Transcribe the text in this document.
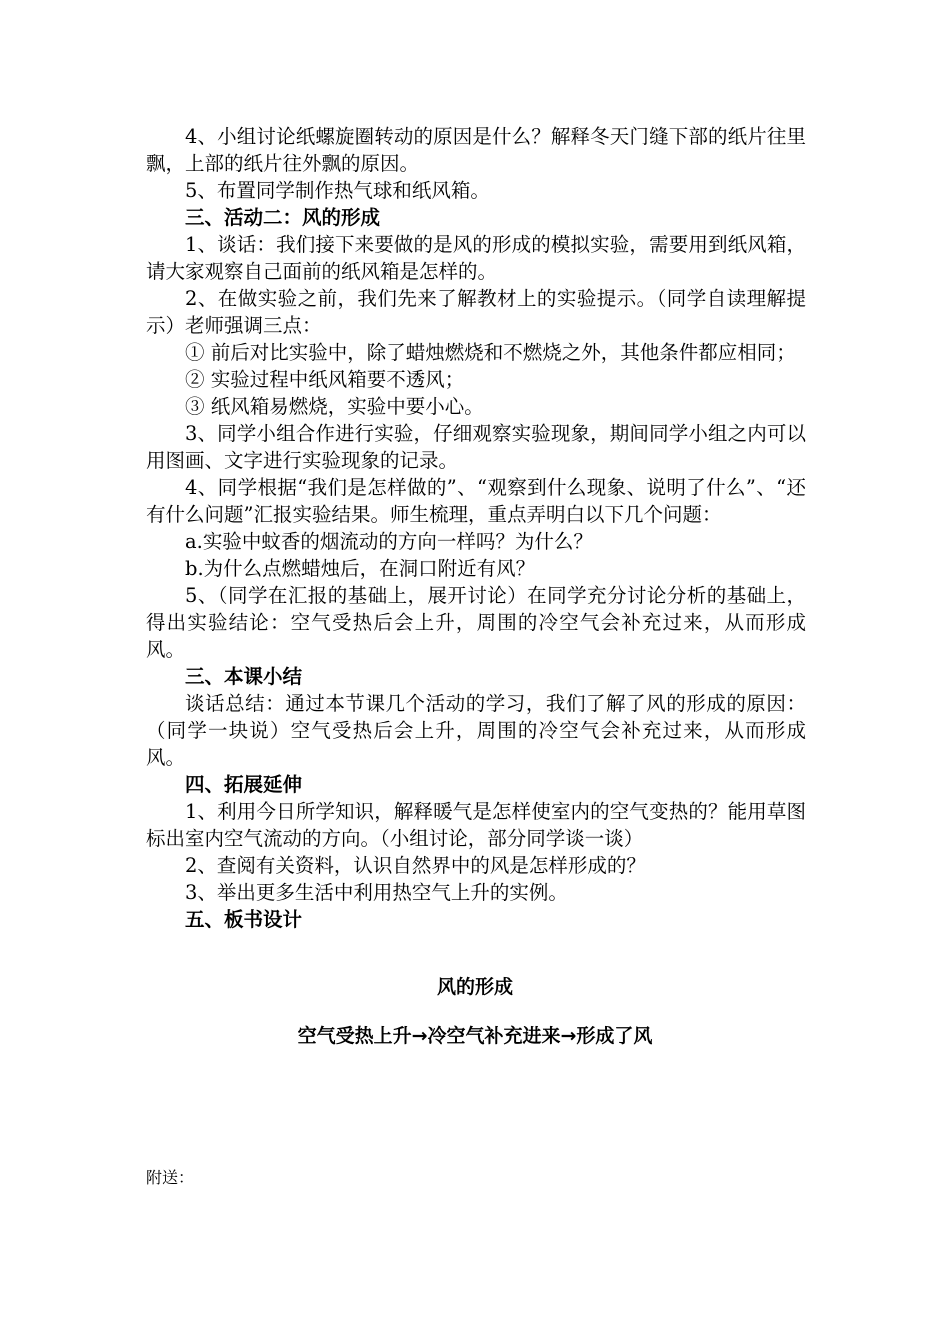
4、小组讨论纸螺旋圈转动的原因是什么？解释冬天门缝下部的纸片往里飘，上部的纸片往外飘的原因。

5、布置同学制作热气球和纸风箱。

三、活动二：风的形成

1、谈话：我们接下来要做的是风的形成的模拟实验，需要用到纸风箱，请大家观察自己面前的纸风箱是怎样的。

2、在做实验之前，我们先来了解教材上的实验提示。（同学自读理解提示）老师强调三点：

① 前后对比实验中，除了蜡烛燃烧和不燃烧之外，其他条件都应相同；

② 实验过程中纸风箱要不透风；

③ 纸风箱易燃烧，实验中要小心。

3、同学小组合作进行实验，仔细观察实验现象，期间同学小组之内可以用图画、文字进行实验现象的记录。

4、同学根据“我们是怎样做的”、“观察到什么现象、说明了什么”、“还有什么问题”汇报实验结果。师生梳理，重点弄明白以下几个问题：

a.实验中蚊香的烟流动的方向一样吗？为什么？

b.为什么点燃蜡烛后，在洞口附近有风？

5、（同学在汇报的基础上，展开讨论）在同学充分讨论分析的基础上，得出实验结论：空气受热后会上升，周围的冷空气会补充过来，从而形成风。

三、本课小结

谈话总结：通过本节课几个活动的学习，我们了解了风的形成的原因：（同学一块说）空气受热后会上升，周围的冷空气会补充过来，从而形成风。

四、拓展延伸

1、利用今日所学知识，解释暖气是怎样使室内的空气变热的？能用草图标出室内空气流动的方向。（小组讨论，部分同学谈一谈）

2、查阅有关资料，认识自然界中的风是怎样形成的？

3、举出更多生活中利用热空气上升的实例。

五、板书设计

风的形成
空气受热上升→冷空气补充进来→形成了风
附送：
